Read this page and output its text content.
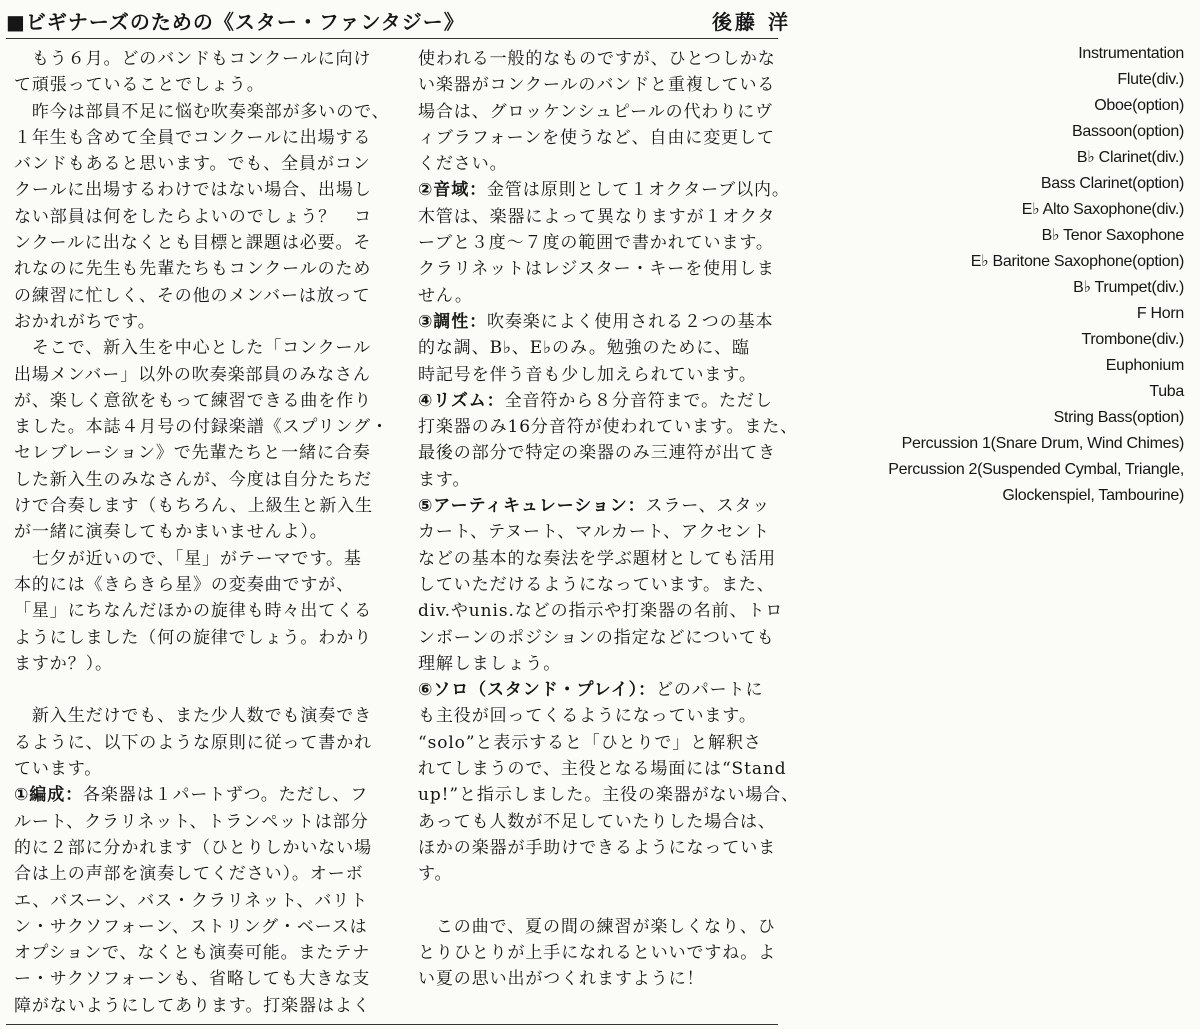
■ビギナーズのための《スター・ファンタジー》	後藤 洋
　もう６月。どのバンドもコンクールに向け
て頑張っていることでしょう。
　昨今は部員不足に悩む吹奏楽部が多いので、
１年生も含めて全員でコンクールに出場する
バンドもあると思います。でも、全員がコン
クールに出場するわけではない場合、出場し
ない部員は何をしたらよいのでしょう？　コ
ンクールに出なくとも目標と課題は必要。そ
れなのに先生も先輩たちもコンクールのため
の練習に忙しく、その他のメンバーは放って
おかれがちです。
　そこで、新入生を中心とした「コンクール
出場メンバー」以外の吹奏楽部員のみなさん
が、楽しく意欲をもって練習できる曲を作り
ました。本誌４月号の付録楽譜《スプリング・
セレブレーション》で先輩たちと一緒に合奏
した新入生のみなさんが、今度は自分たちだ
けで合奏します（もちろん、上級生と新入生
が一緒に演奏してもかまいませんよ）。
　七夕が近いので、「星」がテーマです。基
本的には《きらきら星》の変奏曲ですが、
「星」にちなんだほかの旋律も時々出てくる
ようにしました（何の旋律でしょう。わかり
ますか？）。
　新入生だけでも、また少人数でも演奏でき
るように、以下のような原則に従って書かれ
ています。
①編成：各楽器は１パートずつ。ただし、フ
ルート、クラリネット、トランペットは部分
的に２部に分かれます（ひとりしかいない場
合は上の声部を演奏してください）。オーボ
エ、バスーン、バス・クラリネット、バリト
ン・サクソフォーン、ストリング・ベースは
オプションで、なくとも演奏可能。またテナ
ー・サクソフォーンも、省略しても大きな支
障がないようにしてあります。打楽器はよく
使われる一般的なものですが、ひとつしかな
い楽器がコンクールのバンドと重複している
場合は、グロッケンシュピールの代わりにヴ
ィブラフォーンを使うなど、自由に変更して
ください。
②音域：金管は原則として１オクターブ以内。
木管は、楽器によって異なりますが１オクタ
ーブと３度〜７度の範囲で書かれています。
クラリネットはレジスター・キーを使用しま
せん。
③調性：吹奏楽によく使用される２つの基本
的な調、B♭、E♭のみ。勉強のために、臨
時記号を伴う音も少し加えられています。
④リズム：全音符から８分音符まで。ただし
打楽器のみ16分音符が使われています。また、
最後の部分で特定の楽器のみ三連符が出てき
ます。
⑤アーティキュレーション：スラー、スタッ
カート、テヌート、マルカート、アクセント
などの基本的な奏法を学ぶ題材としても活用
していただけるようになっています。また、
div.やunis.などの指示や打楽器の名前、トロ
ンボーンのポジションの指定などについても
理解しましょう。
⑥ソロ（スタンド・プレイ）：どのパートに
も主役が回ってくるようになっています。
“solo”と表示すると「ひとりで」と解釈さ
れてしまうので、主役となる場面には“Stand
up!”と指示しました。主役の楽器がない場合、
あっても人数が不足していたりした場合は、
ほかの楽器が手助けできるようになっていま
す。
　この曲で、夏の間の練習が楽しくなり、ひ
とりひとりが上手になれるといいですね。よ
い夏の思い出がつくれますように！
Instrumentation
Flute(div.)
Oboe(option)
Bassoon(option)
B♭ Clarinet(div.)
Bass Clarinet(option)
E♭ Alto Saxophone(div.)
B♭ Tenor Saxophone
E♭ Baritone Saxophone(option)
B♭ Trumpet(div.)
F Horn
Trombone(div.)
Euphonium
Tuba
String Bass(option)
Percussion 1(Snare Drum, Wind Chimes)
Percussion 2(Suspended Cymbal, Triangle,
Glockenspiel, Tambourine)
